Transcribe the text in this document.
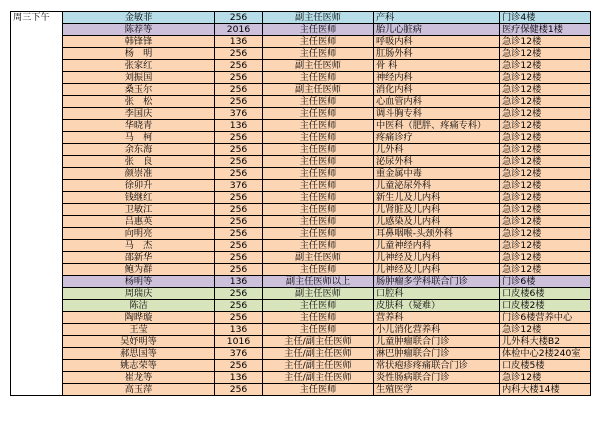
周三下午	金敏菲	256	副主任医师	产科	门诊4楼
	陈荐等	2016	主任医师	胎儿心脏病	医疗保健楼1楼
	韩锋锋	136	主任医师	呼吸内科	急诊12楼
	杨　明	256	主任医师	肛肠外科	急诊12楼
	张家红	256	副主任医师	骨 科	急诊12楼
	刘振国	256	主任医师	神经内科	急诊12楼
	桑玉尔	256	副主任医师	消化内科	急诊12楼
	张　松	256	主任医师	心血管内科	急诊12楼
	李国庆	376	主任医师	调斗胸专科	急诊12楼
	华晓青	136	主任医师	中医科（肥胖、疼痛专科）	急诊12楼
	马　柯	256	主任医师	疼痛诊疗	急诊12楼
	余东海	256	主任医师	儿外科	急诊12楼
	张　良	256	主任医师	泌尿外科	急诊12楼
	颜崇准	256	主任医师	重金属中毒	急诊12楼
	徐卯升	376	主任医师	儿童泌尿外科	急诊12楼
	钱继红	256	主任医师	新生儿及儿内科	急诊12楼
	卫敏江	256	主任医师	儿肾脏及儿内科	急诊12楼
	吕惠英	256	主任医师	儿感染及儿内科	急诊12楼
	向明亮	256	主任医师	耳鼻咽喉-头颈外科	急诊12楼
	马　杰	256	主任医师	儿童神经内科	急诊12楼
	邵新华	256	副主任医师	儿神经及儿内科	急诊12楼
	鲍为群	256	主任医师	儿神经及儿内科	急诊12楼
	杨明等	136	副主任医师以上	肠肿瘤多学科联合门诊	门诊6楼
	周瑞庆	256	副主任医师	口腔科	口皮楼6楼
	陈洁	256	主任医师	皮肤科（疑难）	口皮楼2楼
	陶晔璇	256	主任医师	营养科	门诊6楼营养中心
	王莹	136	主任医师	小儿消化营养科	急诊12楼
	吴妤明等	1016	主任/副主任医师	儿童肿瘤联合门诊	儿外科大楼B2
	郝思国等	376	主任/副主任医师	淋巴肿瘤联合门诊	体检中心2楼240室
	姚志荣等	256	主任/副主任医师	常状疱疹疼痛联合门诊	口皮楼5楼
	崔龙等	136	主任/副主任医师	炎性肠病联合门诊	急诊12楼
	高玉萍	256	主任医师	生殖医学	内科大楼14楼
